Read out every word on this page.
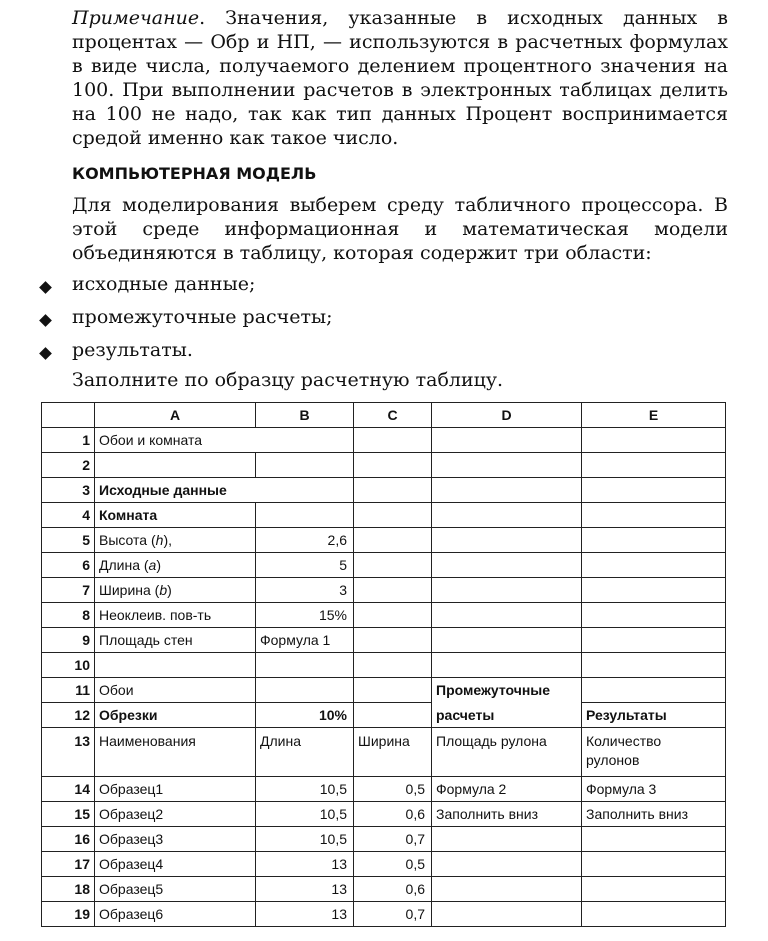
Примечание. Значения, указанные в исходных данных в процентах — Обр и НП, — используются в расчетных формулах в виде числа, получаемого делением процентного значения на 100. При выполнении расчетов в электронных таблицах делить на 100 не надо, так как тип данных Процент воспринимается средой именно как такое число.

КОМПЬЮТЕРНАЯ МОДЕЛЬ

Для моделирования выберем среду табличного процессора. В этой среде информационная и математическая модели объединяются в таблицу, которая содержит три области:

исходные данные;
промежуточные расчеты;
результаты.

Заполните по образцу расчетную таблицу.

	A	B	C	D	E
1	Обои и комната				
2					
3	Исходные данные				
4	Комната				
5	Высота (h),	2,6			
6	Длина (a)	5			
7	Ширина (b)	3			
8	Неоклеив. пов-ть	15%			
9	Площадь стен	Формула 1			
10					
11	Обои			Промежуточные	
12	Обрезки	10%		расчеты	Результаты
13	Наименования	Длина	Ширина	Площадь рулона	Количество
рулонов
14	Образец1	10,5	0,5	Формула 2	Формула 3
15	Образец2	10,5	0,6	Заполнить вниз	Заполнить вниз
16	Образец3	10,5	0,7		
17	Образец4	13	0,5		
18	Образец5	13	0,6		
19	Образец6	13	0,7		
